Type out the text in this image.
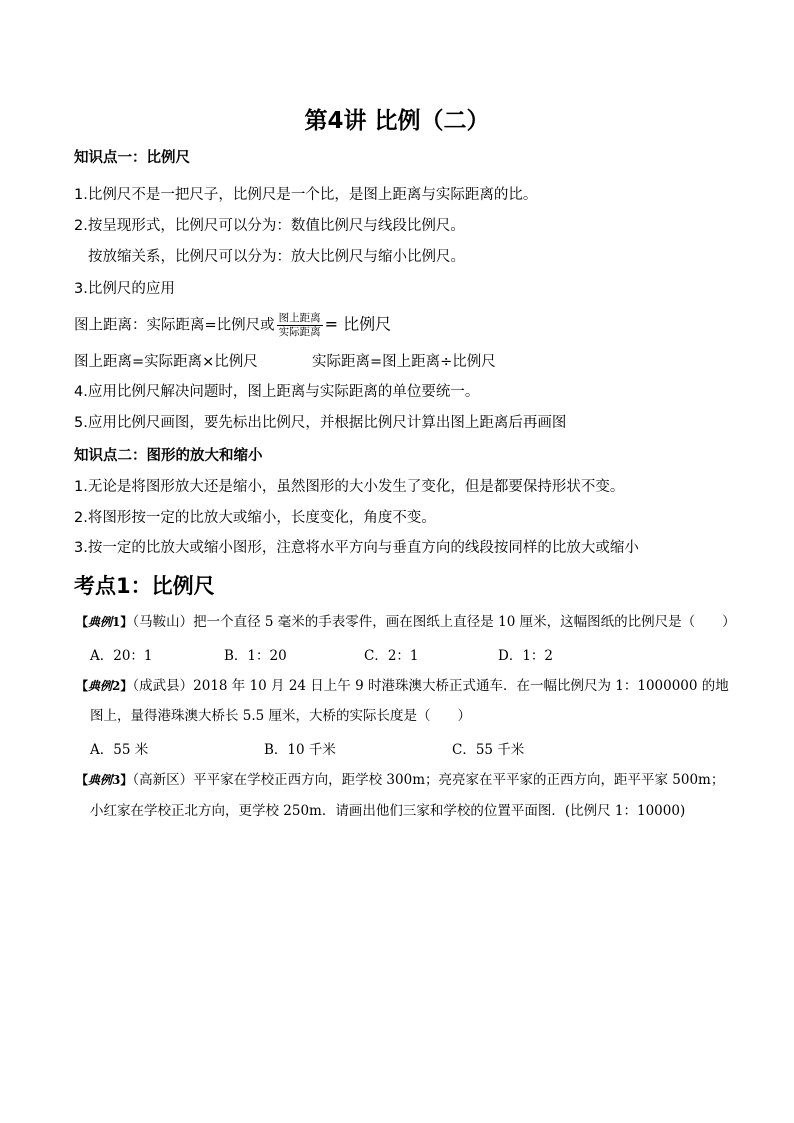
第4讲 比例（二）
知识点一：比例尺
1.比例尺不是一把尺子，比例尺是一个比，是图上距离与实际距离的比。
2.按呈现形式，比例尺可以分为：数值比例尺与线段比例尺。
按放缩关系，比例尺可以分为：放大比例尺与缩小比例尺。
3.比例尺的应用
图上距离：实际距离=比例尺或 $\frac{\text{图上距离}}{\text{实际距离}}$ = 比例尺
图上距离=实际距离×比例尺	实际距离=图上距离÷比例尺
4.应用比例尺解决问题时，图上距离与实际距离的单位要统一。
5.应用比例尺画图，要先标出比例尺，并根据比例尺计算出图上距离后再画图
知识点二：图形的放大和缩小
1.无论是将图形放大还是缩小，虽然图形的大小发生了变化，但是都要保持形状不变。
2.将图形按一定的比放大或缩小，长度变化，角度不变。
3.按一定的比放大或缩小图形，注意将水平方向与垂直方向的线段按同样的比放大或缩小
考点1：比例尺
【典例1】（马鞍山）把一个直径 5 毫米的手表零件，画在图纸上直径是 10 厘米，这幅图纸的比例尺是（　　）
A．20：1	B．1：20	C．2：1	D．1：2
【典例2】（成武县）2018 年 10 月 24 日上午 9 时港珠澳大桥正式通车．在一幅比例尺为 1：1000000 的地
图上，量得港珠澳大桥长 5.5 厘米，大桥的实际长度是（　　）
A．55 米	B．10 千米	C．55 千米
【典例3】（高新区）平平家在学校正西方向，距学校 300m；亮亮家在平平家的正西方向，距平平家 500m；
小红家在学校正北方向，更学校 250m．请画出他们三家和学校的位置平面图．(比例尺 1：10000)
